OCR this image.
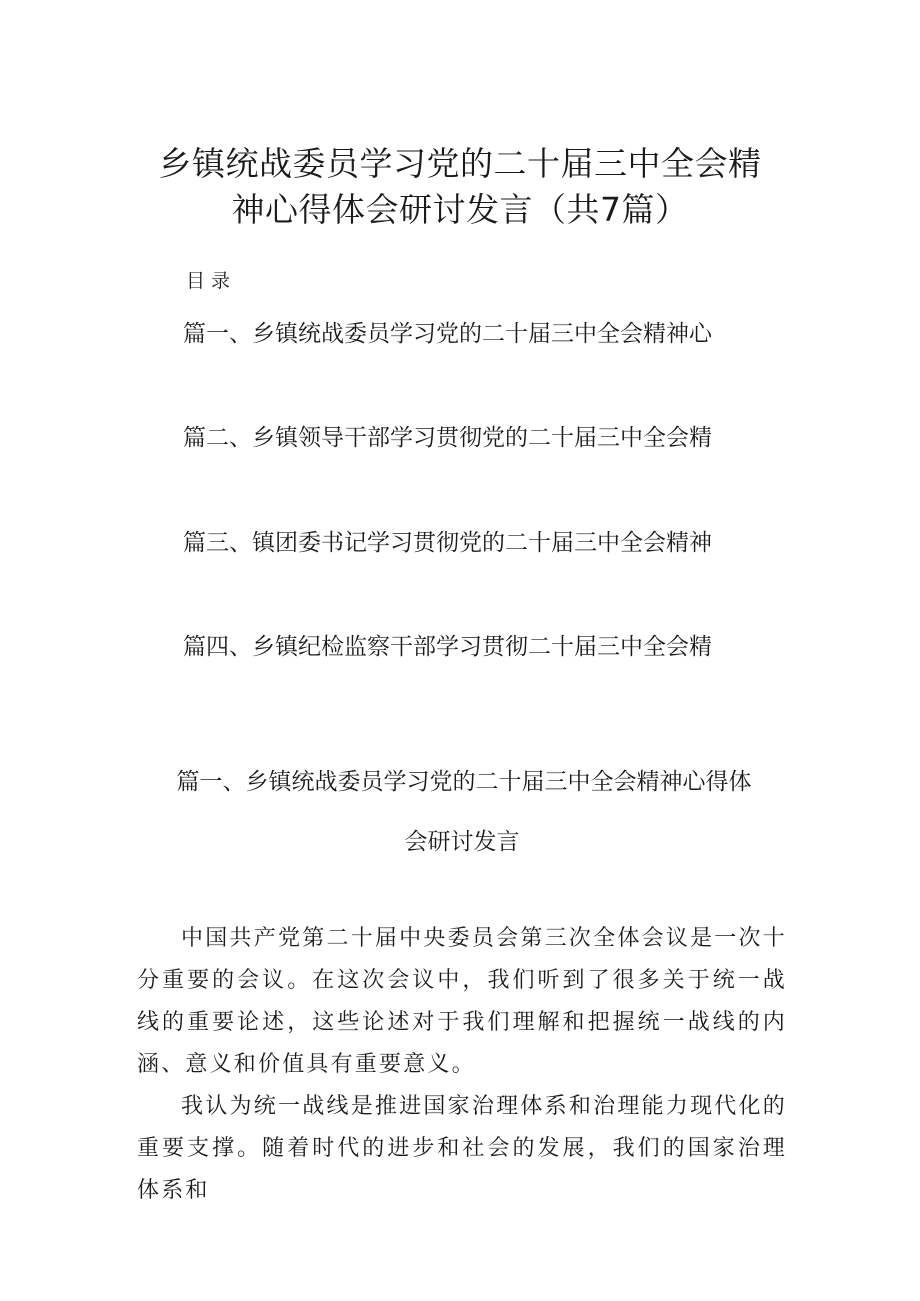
乡镇统战委员学习党的二十届三中全会精
神心得体会研讨发言（共7篇）
目录
篇一、乡镇统战委员学习党的二十届三中全会精神心
篇二、乡镇领导干部学习贯彻党的二十届三中全会精
篇三、镇团委书记学习贯彻党的二十届三中全会精神
篇四、乡镇纪检监察干部学习贯彻二十届三中全会精
篇一、乡镇统战委员学习党的二十届三中全会精神心得体
会研讨发言

中国共产党第二十届中央委员会第三次全体会议是一次十分重要的会议。在这次会议中，我们听到了很多关于统一战线的重要论述，这些论述对于我们理解和把握统一战线的内涵、意义和价值具有重要意义。

我认为统一战线是推进国家治理体系和治理能力现代化的重要支撑。随着时代的进步和社会的发展，我们的国家治理体系和
